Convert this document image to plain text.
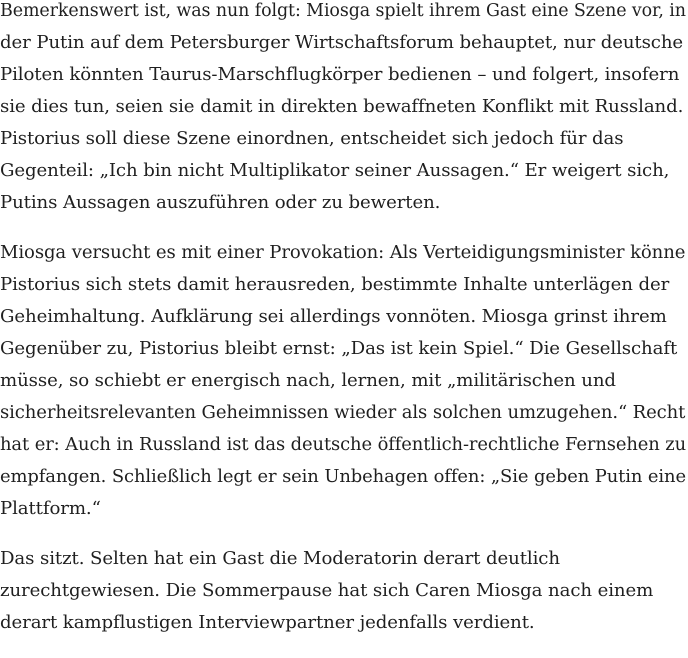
Bemerkenswert ist, was nun folgt: Miosga spielt ihrem Gast eine Szene vor, in
der Putin auf dem Petersburger Wirtschaftsforum behauptet, nur deutsche
Piloten könnten Taurus-Marschflugkörper bedienen – und folgert, insofern
sie dies tun, seien sie damit in direkten bewaffneten Konflikt mit Russland.
Pistorius soll diese Szene einordnen, entscheidet sich jedoch für das
Gegenteil: „Ich bin nicht Multiplikator seiner Aussagen.“ Er weigert sich,
Putins Aussagen auszuführen oder zu bewerten.

Miosga versucht es mit einer Provokation: Als Verteidigungsminister könne
Pistorius sich stets damit herausreden, bestimmte Inhalte unterlägen der
Geheimhaltung. Aufklärung sei allerdings vonnöten. Miosga grinst ihrem
Gegenüber zu, Pistorius bleibt ernst: „Das ist kein Spiel.“ Die Gesellschaft
müsse, so schiebt er energisch nach, lernen, mit „militärischen und
sicherheitsrelevanten Geheimnissen wieder als solchen umzugehen.“ Recht
hat er: Auch in Russland ist das deutsche öffentlich-rechtliche Fernsehen zu
empfangen. Schließlich legt er sein Unbehagen offen: „Sie geben Putin eine
Plattform.“

Das sitzt. Selten hat ein Gast die Moderatorin derart deutlich
zurechtgewiesen. Die Sommerpause hat sich Caren Miosga nach einem
derart kampflustigen Interviewpartner jedenfalls verdient.
